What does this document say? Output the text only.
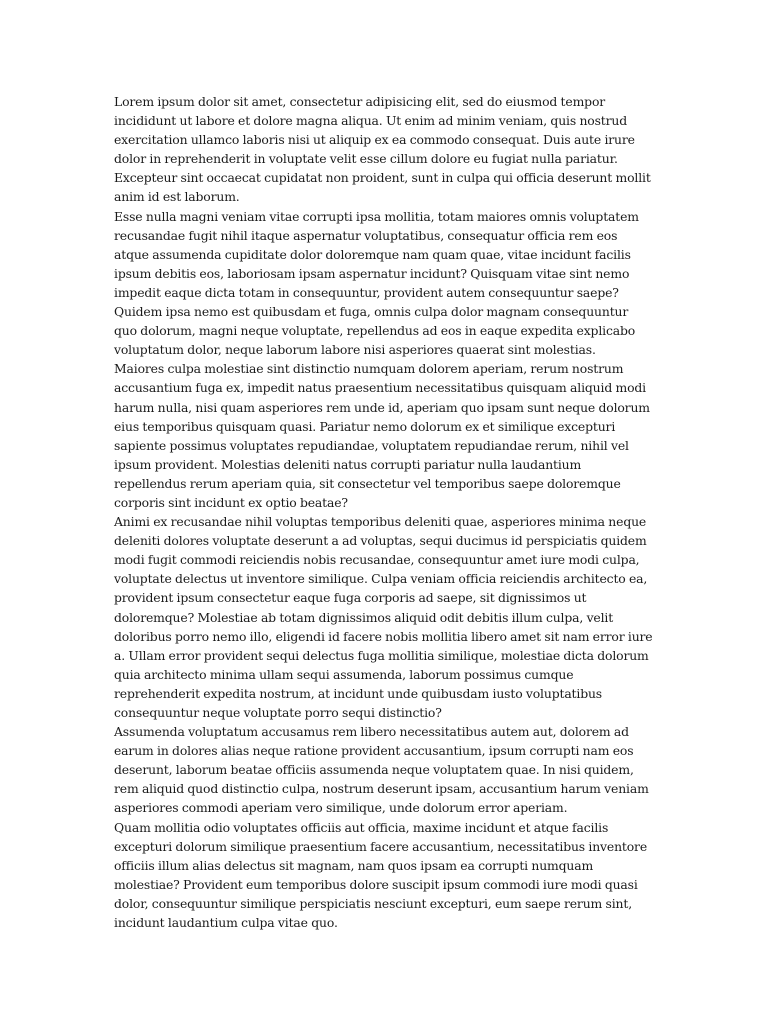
Lorem ipsum dolor sit amet, consectetur adipisicing elit, sed do eiusmod tempor incididunt ut labore et dolore magna aliqua. Ut enim ad minim veniam, quis nostrud exercitation ullamco laboris nisi ut aliquip ex ea commodo consequat. Duis aute irure dolor in reprehenderit in voluptate velit esse cillum dolore eu fugiat nulla pariatur. Excepteur sint occaecat cupidatat non proident, sunt in culpa qui officia deserunt mollit anim id est laborum.

Esse nulla magni veniam vitae corrupti ipsa mollitia, totam maiores omnis voluptatem recusandae fugit nihil itaque aspernatur voluptatibus, consequatur officia rem eos atque assumenda cupiditate dolor doloremque nam quam quae, vitae incidunt facilis ipsum debitis eos, laboriosam ipsam aspernatur incidunt? Quisquam vitae sint nemo impedit eaque dicta totam in consequuntur, provident autem consequuntur saepe? Quidem ipsa nemo est quibusdam et fuga, omnis culpa dolor magnam consequuntur quo dolorum, magni neque voluptate, repellendus ad eos in eaque expedita explicabo voluptatum dolor, neque laborum labore nisi asperiores quaerat sint molestias.

Maiores culpa molestiae sint distinctio numquam dolorem aperiam, rerum nostrum accusantium fuga ex, impedit natus praesentium necessitatibus quisquam aliquid modi harum nulla, nisi quam asperiores rem unde id, aperiam quo ipsam sunt neque dolorum eius temporibus quisquam quasi. Pariatur nemo dolorum ex et similique excepturi sapiente possimus voluptates repudiandae, voluptatem repudiandae rerum, nihil vel ipsum provident. Molestias deleniti natus corrupti pariatur nulla laudantium repellendus rerum aperiam quia, sit consectetur vel temporibus saepe doloremque corporis sint incidunt ex optio beatae?

Animi ex recusandae nihil voluptas temporibus deleniti quae, asperiores minima neque deleniti dolores voluptate deserunt a ad voluptas, sequi ducimus id perspiciatis quidem modi fugit commodi reiciendis nobis recusandae, consequuntur amet iure modi culpa, voluptate delectus ut inventore similique. Culpa veniam officia reiciendis architecto ea, provident ipsum consectetur eaque fuga corporis ad saepe, sit dignissimos ut doloremque? Molestiae ab totam dignissimos aliquid odit debitis illum culpa, velit doloribus porro nemo illo, eligendi id facere nobis mollitia libero amet sit nam error iure a. Ullam error provident sequi delectus fuga mollitia similique, molestiae dicta dolorum quia architecto minima ullam sequi assumenda, laborum possimus cumque reprehenderit expedita nostrum, at incidunt unde quibusdam iusto voluptatibus consequuntur neque voluptate porro sequi distinctio?

Assumenda voluptatum accusamus rem libero necessitatibus autem aut, dolorem ad earum in dolores alias neque ratione provident accusantium, ipsum corrupti nam eos deserunt, laborum beatae officiis assumenda neque voluptatem quae. In nisi quidem, rem aliquid quod distinctio culpa, nostrum deserunt ipsam, accusantium harum veniam asperiores commodi aperiam vero similique, unde dolorum error aperiam.

Quam mollitia odio voluptates officiis aut officia, maxime incidunt et atque facilis excepturi dolorum similique praesentium facere accusantium, necessitatibus inventore officiis illum alias delectus sit magnam, nam quos ipsam ea corrupti numquam molestiae? Provident eum temporibus dolore suscipit ipsum commodi iure modi quasi dolor, consequuntur similique perspiciatis nesciunt excepturi, eum saepe rerum sint, incidunt laudantium culpa vitae quo.
